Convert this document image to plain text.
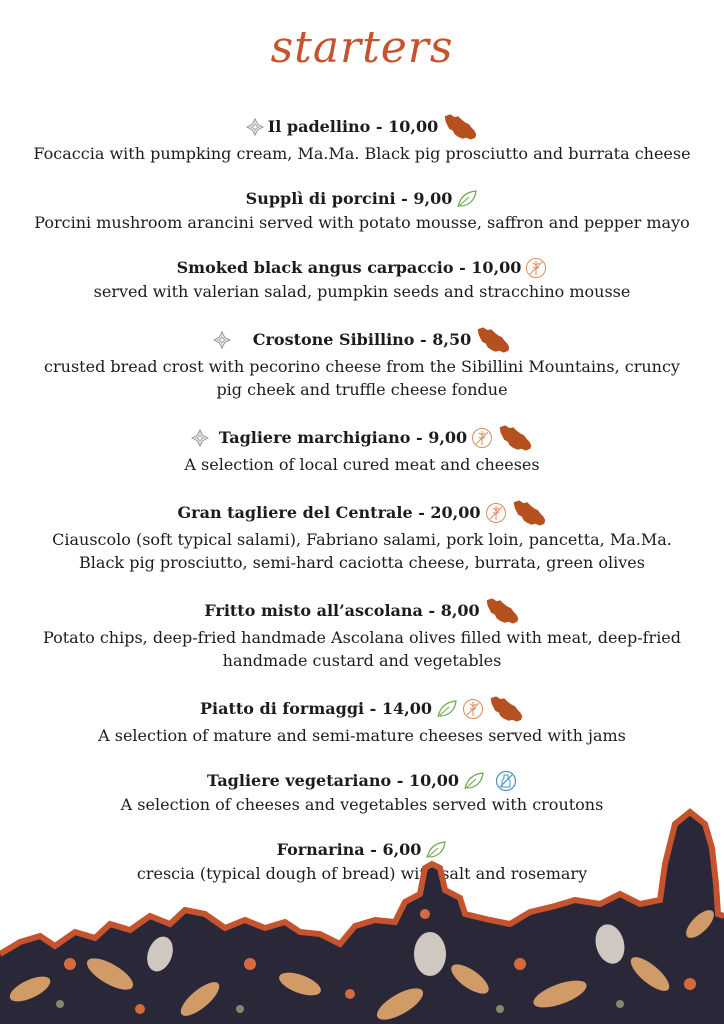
starters
Il padellino - 10,00
Focaccia with pumpking cream, Ma.Ma. Black pig prosciutto and burrata cheese
Supplì di porcini - 9,00
Porcini mushroom arancini served with potato mousse, saffron and pepper mayo
Smoked black angus carpaccio - 10,00
served with valerian salad, pumpkin seeds and stracchino mousse
Crostone Sibillino - 8,50
crusted bread crost with pecorino cheese from the Sibillini Mountains, cruncy pig cheek and truffle cheese fondue
Tagliere marchigiano - 9,00
A selection of local cured meat and cheeses
Gran tagliere del Centrale - 20,00
Ciauscolo (soft typical salami), Fabriano salami, pork loin, pancetta, Ma.Ma. Black pig prosciutto, semi-hard caciotta cheese, burrata, green olives
Fritto misto all’ascolana - 8,00
Potato chips, deep-fried handmade Ascolana olives filled with meat, deep-fried handmade custard and vegetables
Piatto di formaggi - 14,00
A selection of mature and semi-mature cheeses served with jams
Tagliere vegetariano - 10,00
A selection of cheeses and vegetables served with croutons
Fornarina - 6,00
crescia (typical dough of bread) with salt and rosemary
